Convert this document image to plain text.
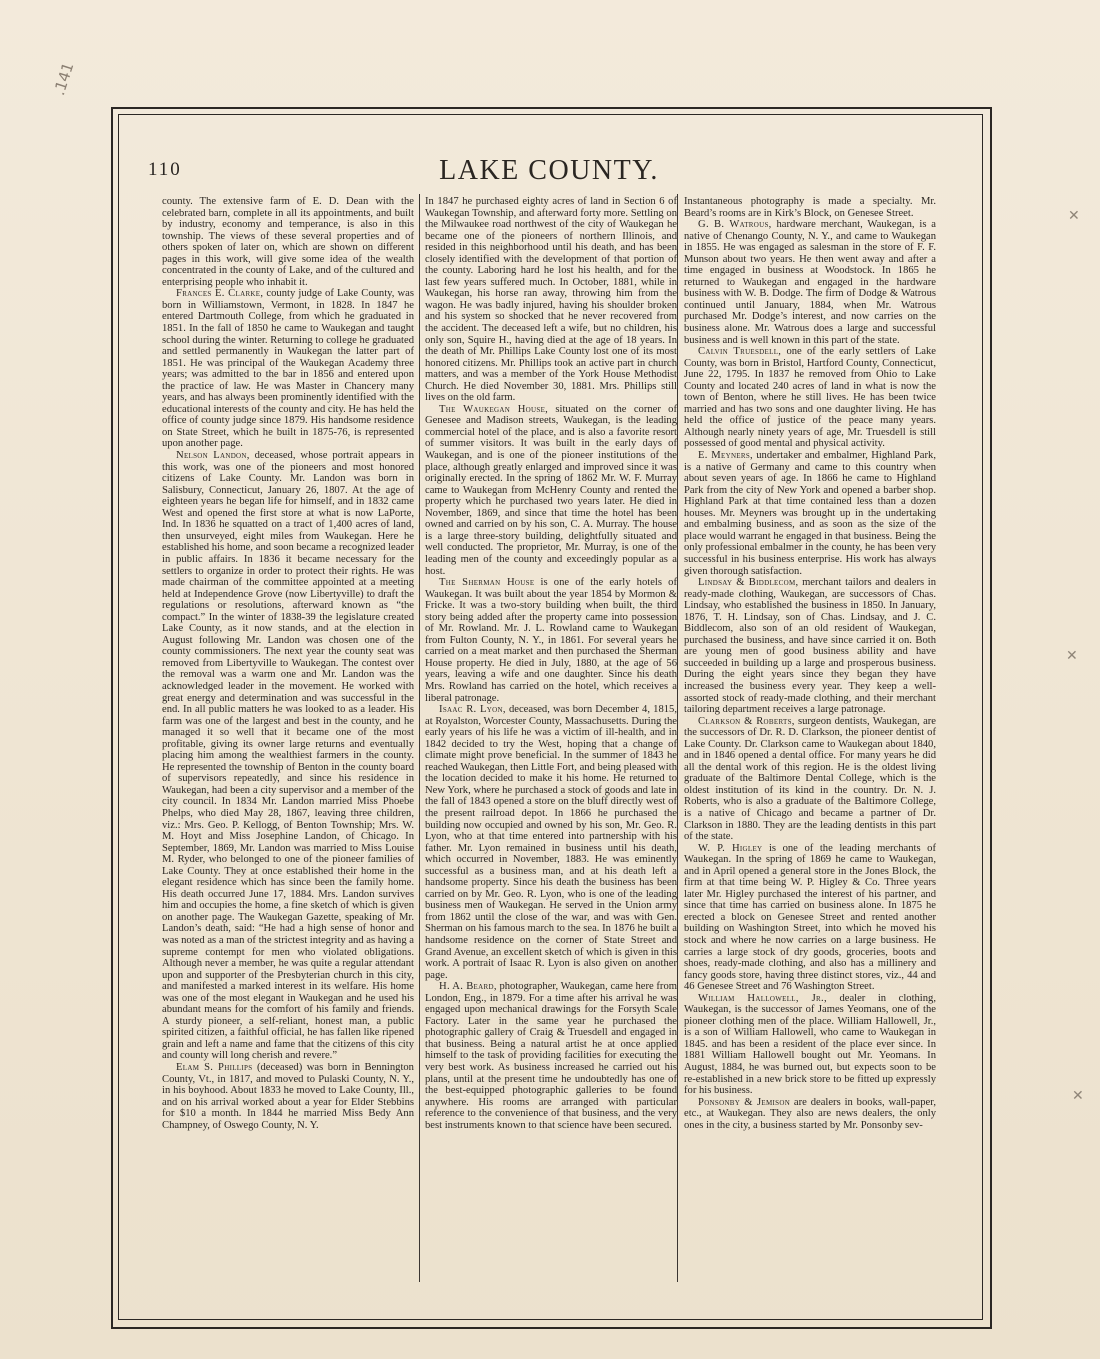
.141
110	LAKE COUNTY.

county. The extensive farm of E. D. Dean with the celebrated barn, complete in all its appointments, and built by industry, economy and temperance, is also in this township. The views of these several properties and of others spoken of later on, which are shown on different pages in this work, will give some idea of the wealth concentrated in the county of Lake, and of the cultured and enterprising people who inhabit it.

Frances E. Clarke, county judge of Lake County, was born in Williamstown, Vermont, in 1828. In 1847 he entered Dartmouth College, from which he graduated in 1851. In the fall of 1850 he came to Waukegan and taught school during the winter. Returning to college he graduated and settled permanently in Waukegan the latter part of 1851. He was principal of the Waukegan Academy three years; was admitted to the bar in 1856 and entered upon the practice of law. He was Master in Chancery many years, and has always been prominently identified with the educational interests of the county and city. He has held the office of county judge since 1879. His handsome residence on State Street, which he built in 1875-76, is represented upon another page.

Nelson Landon, deceased, whose portrait appears in this work, was one of the pioneers and most honored citizens of Lake County. Mr. Landon was born in Salisbury, Connecticut, January 26, 1807. At the age of eighteen years he began life for himself, and in 1832 came West and opened the first store at what is now LaPorte, Ind. In 1836 he squatted on a tract of 1,400 acres of land, then unsurveyed, eight miles from Waukegan. Here he established his home, and soon became a recognized leader in public affairs. In 1836 it became necessary for the settlers to organize in order to protect their rights. He was made chairman of the committee appointed at a meeting held at Independence Grove (now Libertyville) to draft the regulations or resolutions, afterward known as “the compact.” In the winter of 1838-39 the legislature created Lake County, as it now stands, and at the election in August following Mr. Landon was chosen one of the county commissioners. The next year the county seat was removed from Libertyville to Waukegan. The contest over the removal was a warm one and Mr. Landon was the acknowledged leader in the movement. He worked with great energy and determination and was successful in the end. In all public matters he was looked to as a leader. His farm was one of the largest and best in the county, and he managed it so well that it became one of the most profitable, giving its owner large returns and eventually placing him among the wealthiest farmers in the county. He represented the township of Benton in the county board of supervisors repeatedly, and since his residence in Waukegan, had been a city supervisor and a member of the city council. In 1834 Mr. Landon married Miss Phoebe Phelps, who died May 28, 1867, leaving three children, viz.: Mrs. Geo. P. Kellogg, of Benton Township; Mrs. W. M. Hoyt and Miss Josephine Landon, of Chicago. In September, 1869, Mr. Landon was married to Miss Louise M. Ryder, who belonged to one of the pioneer families of Lake County. They at once established their home in the elegant residence which has since been the family home. His death occurred June 17, 1884. Mrs. Landon survives him and occupies the home, a fine sketch of which is given on another page. The Waukegan Gazette, speaking of Mr. Landon’s death, said: “He had a high sense of honor and was noted as a man of the strictest integrity and as having a supreme contempt for men who violated obligations. Although never a member, he was quite a regular attendant upon and supporter of the Presbyterian church in this city, and manifested a marked interest in its welfare. His home was one of the most elegant in Waukegan and he used his abundant means for the comfort of his family and friends. A sturdy pioneer, a self-reliant, honest man, a public spirited citizen, a faithful official, he has fallen like ripened grain and left a name and fame that the citizens of this city and county will long cherish and revere.”

Elam S. Phillips (deceased) was born in Bennington County, Vt., in 1817, and moved to Pulaski County, N. Y., in his boyhood. About 1833 he moved to Lake County, Ill., and on his arrival worked about a year for Elder Stebbins for $10 a month. In 1844 he married Miss Bedy Ann Champney, of Oswego County, N. Y.

In 1847 he purchased eighty acres of land in Section 6 of Waukegan Township, and afterward forty more. Settling on the Milwaukee road northwest of the city of Waukegan he became one of the pioneers of northern Illinois, and resided in this neighborhood until his death, and has been closely identified with the development of that portion of the county. Laboring hard he lost his health, and for the last few years suffered much. In October, 1881, while in Waukegan, his horse ran away, throwing him from the wagon. He was badly injured, having his shoulder broken and his system so shocked that he never recovered from the accident. The deceased left a wife, but no children, his only son, Squire H., having died at the age of 18 years. In the death of Mr. Phillips Lake County lost one of its most honored citizens. Mr. Phillips took an active part in church matters, and was a member of the York House Methodist Church. He died November 30, 1881. Mrs. Phillips still lives on the old farm.

The Waukegan House, situated on the corner of Genesee and Madison streets, Waukegan, is the leading commercial hotel of the place, and is also a favorite resort of summer visitors. It was built in the early days of Waukegan, and is one of the pioneer institutions of the place, although greatly enlarged and improved since it was originally erected. In the spring of 1862 Mr. W. F. Murray came to Waukegan from McHenry County and rented the property which he purchased two years later. He died in November, 1869, and since that time the hotel has been owned and carried on by his son, C. A. Murray. The house is a large three-story building, delightfully situated and well conducted. The proprietor, Mr. Murray, is one of the leading men of the county and exceedingly popular as a host.

The Sherman House is one of the early hotels of Waukegan. It was built about the year 1854 by Mormon & Fricke. It was a two-story building when built, the third story being added after the property came into possession of Mr. Rowland. Mr. J. L. Rowland came to Waukegan from Fulton County, N. Y., in 1861. For several years he carried on a meat market and then purchased the Sherman House property. He died in July, 1880, at the age of 56 years, leaving a wife and one daughter. Since his death Mrs. Rowland has carried on the hotel, which receives a liberal patronage.

Isaac R. Lyon, deceased, was born December 4, 1815, at Royalston, Worcester County, Massachusetts. During the early years of his life he was a victim of ill-health, and in 1842 decided to try the West, hoping that a change of climate might prove beneficial. In the summer of 1843 he reached Waukegan, then Little Fort, and being pleased with the location decided to make it his home. He returned to New York, where he purchased a stock of goods and late in the fall of 1843 opened a store on the bluff directly west of the present railroad depot. In 1866 he purchased the building now occupied and owned by his son, Mr. Geo. R. Lyon, who at that time entered into partnership with his father. Mr. Lyon remained in business until his death, which occurred in November, 1883. He was eminently successful as a business man, and at his death left a handsome property. Since his death the business has been carried on by Mr. Geo. R. Lyon, who is one of the leading business men of Waukegan. He served in the Union army from 1862 until the close of the war, and was with Gen. Sherman on his famous march to the sea. In 1876 he built a handsome residence on the corner of State Street and Grand Avenue, an excellent sketch of which is given in this work. A portrait of Isaac R. Lyon is also given on another page.

H. A. Beard, photographer, Waukegan, came here from London, Eng., in 1879. For a time after his arrival he was engaged upon mechanical drawings for the Forsyth Scale Factory. Later in the same year he purchased the photographic gallery of Craig & Truesdell and engaged in that business. Being a natural artist he at once applied himself to the task of providing facilities for executing the very best work. As business increased he carried out his plans, until at the present time he undoubtedly has one of the best-equipped photographic galleries to be found anywhere. His rooms are arranged with particular reference to the convenience of that business, and the very best instruments known to that science have been secured.

Instantaneous photography is made a specialty. Mr. Beard’s rooms are in Kirk’s Block, on Genesee Street.

G. B. Watrous, hardware merchant, Waukegan, is a native of Chenango County, N. Y., and came to Waukegan in 1855. He was engaged as salesman in the store of F. F. Munson about two years. He then went away and after a time engaged in business at Woodstock. In 1865 he returned to Waukegan and engaged in the hardware business with W. B. Dodge. The firm of Dodge & Watrous continued until January, 1884, when Mr. Watrous purchased Mr. Dodge’s interest, and now carries on the business alone. Mr. Watrous does a large and successful business and is well known in this part of the state.

Calvin Truesdell, one of the early settlers of Lake County, was born in Bristol, Hartford County, Connecticut, June 22, 1795. In 1837 he removed from Ohio to Lake County and located 240 acres of land in what is now the town of Benton, where he still lives. He has been twice married and has two sons and one daughter living. He has held the office of justice of the peace many years. Although nearly ninety years of age, Mr. Truesdell is still possessed of good mental and physical activity.

E. Meyners, undertaker and embalmer, Highland Park, is a native of Germany and came to this country when about seven years of age. In 1866 he came to Highland Park from the city of New York and opened a barber shop. Highland Park at that time contained less than a dozen houses. Mr. Meyners was brought up in the undertaking and embalming business, and as soon as the size of the place would warrant he engaged in that business. Being the only professional embalmer in the county, he has been very successful in his business enterprise. His work has always given thorough satisfaction.

Lindsay & Biddlecom, merchant tailors and dealers in ready-made clothing, Waukegan, are successors of Chas. Lindsay, who established the business in 1850. In January, 1876, T. H. Lindsay, son of Chas. Lindsay, and J. C. Biddlecom, also son of an old resident of Waukegan, purchased the business, and have since carried it on. Both are young men of good business ability and have succeeded in building up a large and prosperous business. During the eight years since they began they have increased the business every year. They keep a well-assorted stock of ready-made clothing, and their merchant tailoring department receives a large patronage.

Clarkson & Roberts, surgeon dentists, Waukegan, are the successors of Dr. R. D. Clarkson, the pioneer dentist of Lake County. Dr. Clarkson came to Waukegan about 1840, and in 1846 opened a dental office. For many years he did all the dental work of this region. He is the oldest living graduate of the Baltimore Dental College, which is the oldest institution of its kind in the country. Dr. N. J. Roberts, who is also a graduate of the Baltimore College, is a native of Chicago and became a partner of Dr. Clarkson in 1880. They are the leading dentists in this part of the state.

W. P. Higley is one of the leading merchants of Waukegan. In the spring of 1869 he came to Waukegan, and in April opened a general store in the Jones Block, the firm at that time being W. P. Higley & Co. Three years later Mr. Higley purchased the interest of his partner, and since that time has carried on business alone. In 1875 he erected a block on Genesee Street and rented another building on Washington Street, into which he moved his stock and where he now carries on a large business. He carries a large stock of dry goods, groceries, boots and shoes, ready-made clothing, and also has a millinery and fancy goods store, having three distinct stores, viz., 44 and 46 Genesee Street and 76 Washington Street.

William Hallowell, Jr., dealer in clothing, Waukegan, is the successor of James Yeomans, one of the pioneer clothing men of the place. William Hallowell, Jr., is a son of William Hallowell, who came to Waukegan in 1845. and has been a resident of the place ever since. In 1881 William Hallowell bought out Mr. Yeomans. In August, 1884, he was burned out, but expects soon to be re-established in a new brick store to be fitted up expressly for his business.

Ponsonby & Jemison are dealers in books, wall-paper, etc., at Waukegan. They also are news dealers, the only ones in the city, a business started by Mr. Ponsonby sev-

✕
✕
✕
